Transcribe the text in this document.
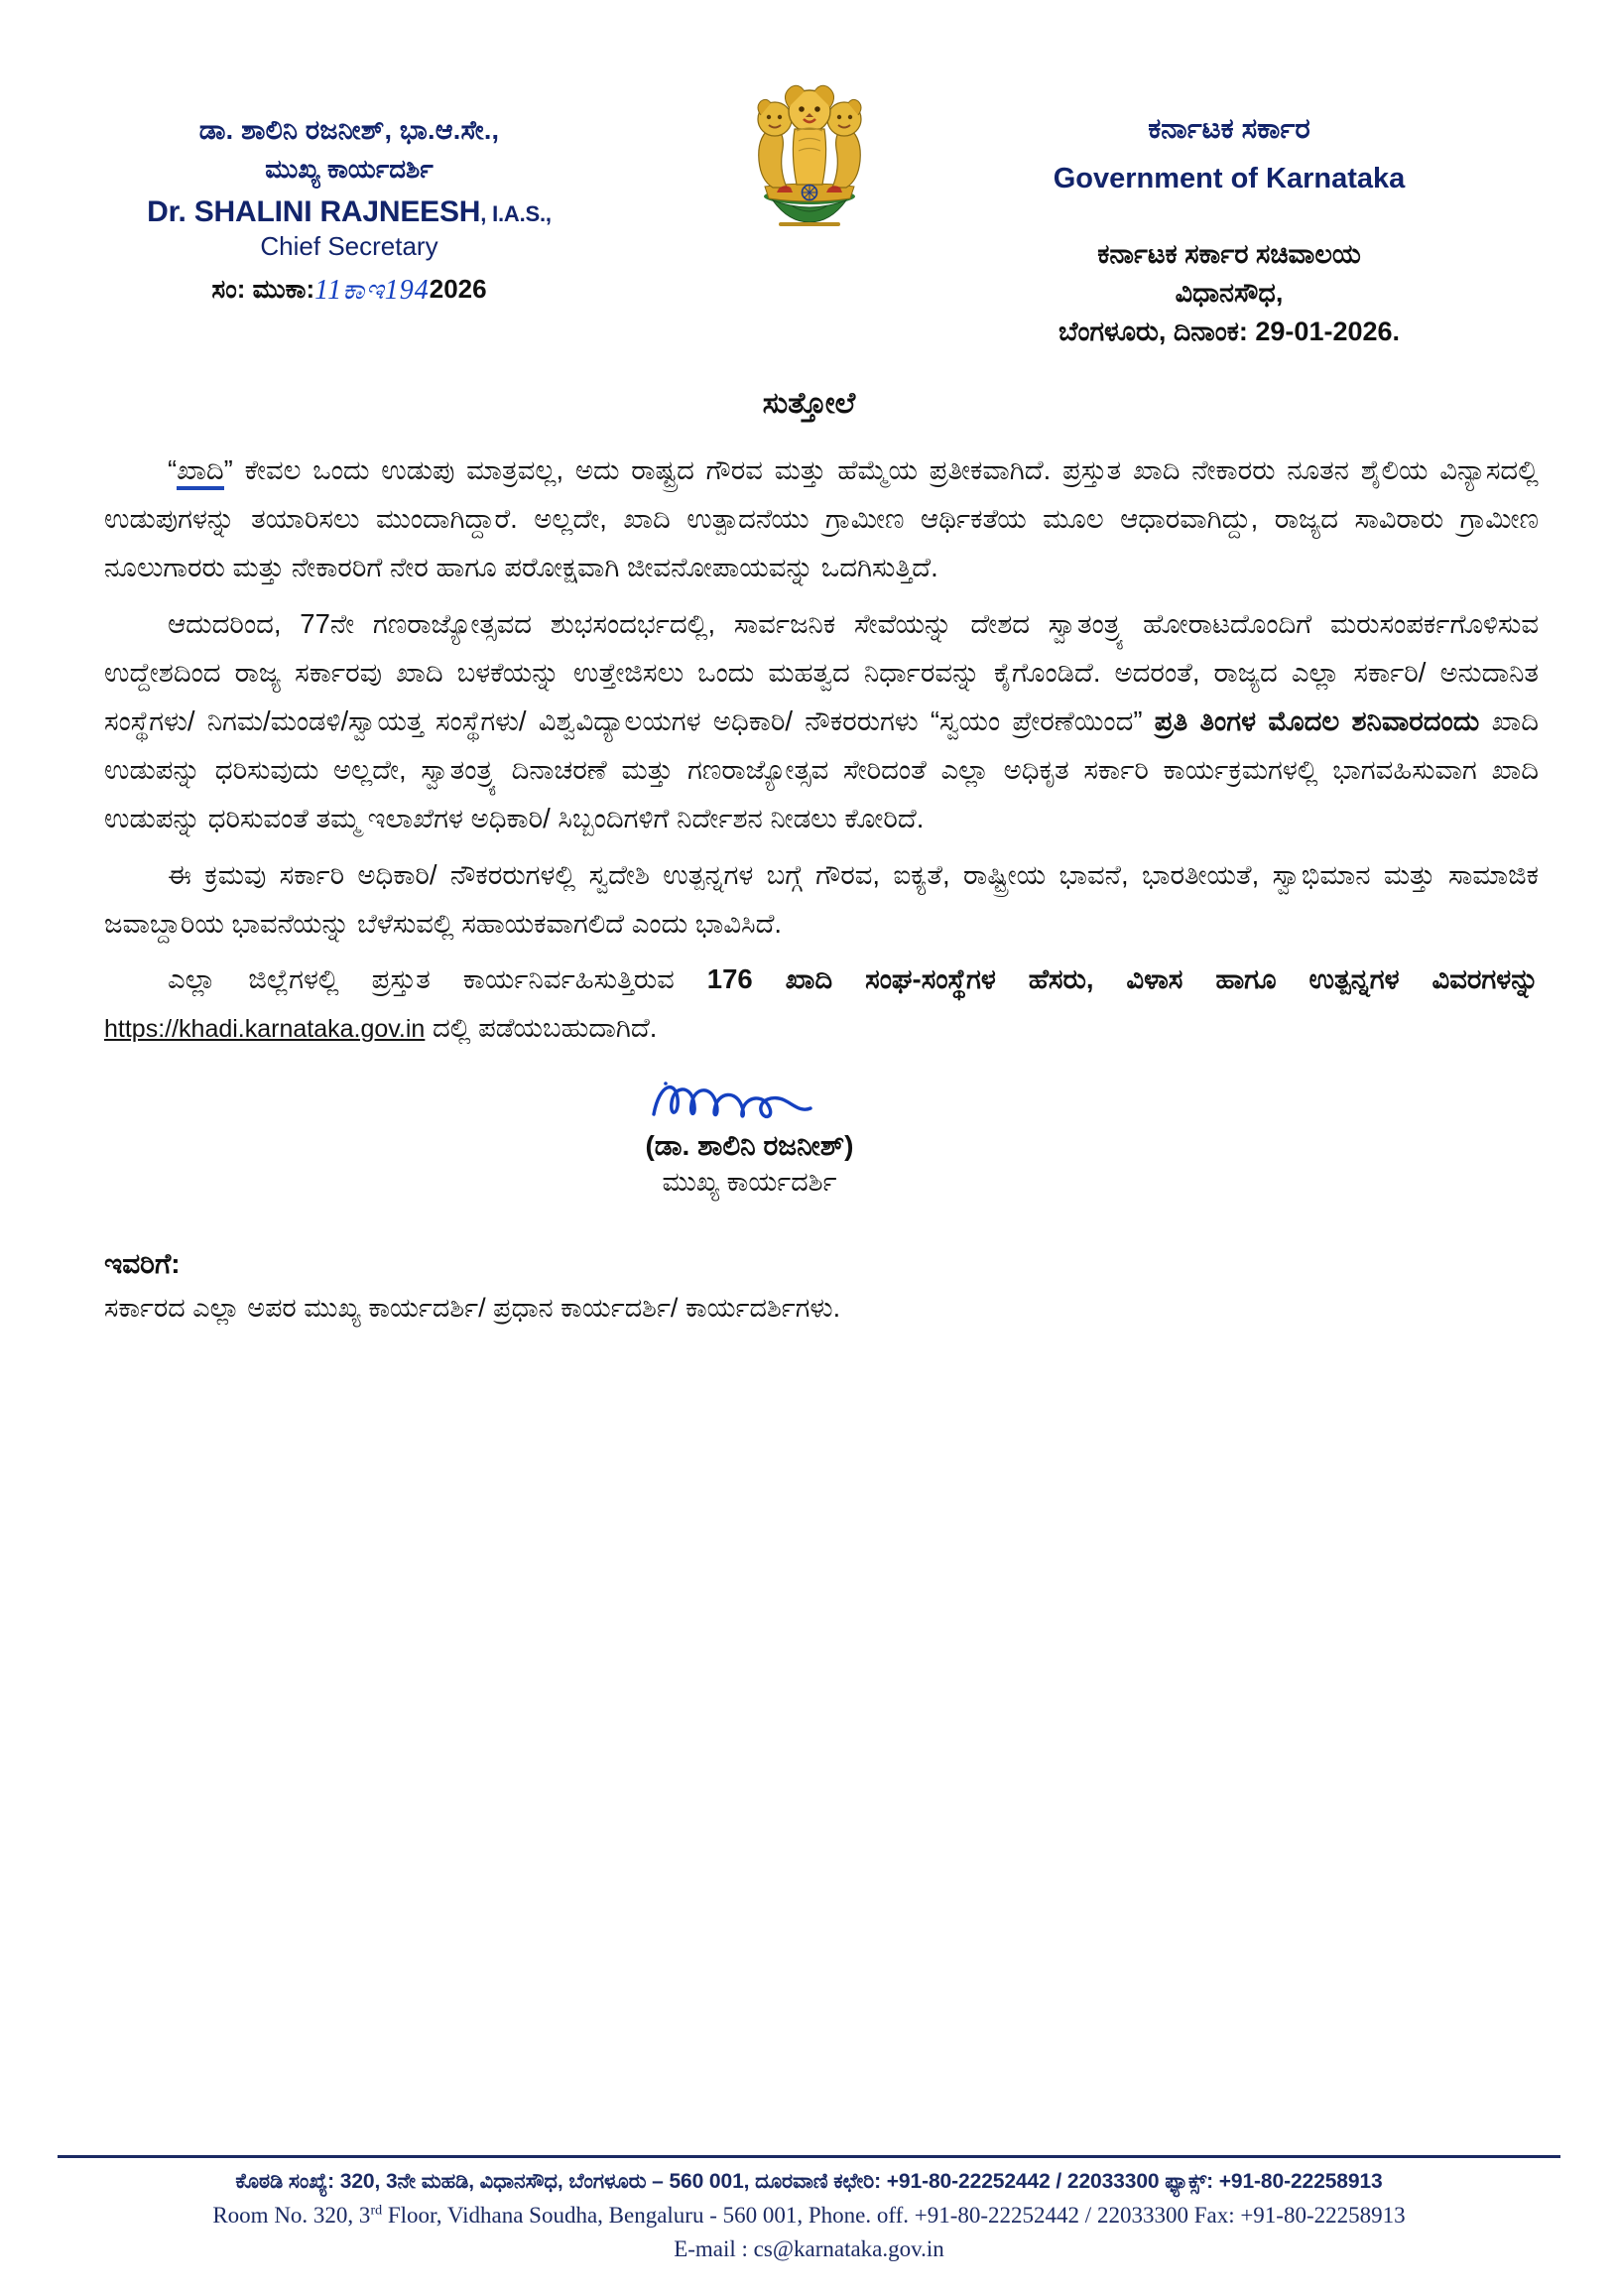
ಡಾ. ಶಾಲಿನಿ ರಜನೀಶ್, ಭಾ.ಆ.ಸೇ.,
ಮುಖ್ಯ ಕಾರ್ಯದರ್ಶಿ
Dr. SHALINI RAJNEESH, I.A.S.,
Chief Secretary
ಸಂ: ಮುಕಾ:11ಕಾಇ1942026
ಕರ್ನಾಟಕ ಸರ್ಕಾರ
Government of Karnataka
ಕರ್ನಾಟಕ ಸರ್ಕಾರ ಸಚಿವಾಲಯ
ವಿಧಾನಸೌಧ,
ಬೆಂಗಳೂರು, ದಿನಾಂಕ: 29-01-2026.
ಸುತ್ತೋಲೆ

“ಖಾದಿ” ಕೇವಲ ಒಂದು ಉಡುಪು ಮಾತ್ರವಲ್ಲ, ಅದು ರಾಷ್ಟ್ರದ ಗೌರವ ಮತ್ತು ಹೆಮ್ಮೆಯ ಪ್ರತೀಕವಾಗಿದೆ. ಪ್ರಸ್ತುತ ಖಾದಿ ನೇಕಾರರು ನೂತನ ಶೈಲಿಯ ವಿನ್ಯಾಸದಲ್ಲಿ ಉಡುಪುಗಳನ್ನು ತಯಾರಿಸಲು ಮುಂದಾಗಿದ್ದಾರೆ. ಅಲ್ಲದೇ, ಖಾದಿ ಉತ್ಪಾದನೆಯು ಗ್ರಾಮೀಣ ಆರ್ಥಿಕತೆಯ ಮೂಲ ಆಧಾರವಾಗಿದ್ದು, ರಾಜ್ಯದ ಸಾವಿರಾರು ಗ್ರಾಮೀಣ ನೂಲುಗಾರರು ಮತ್ತು ನೇಕಾರರಿಗೆ ನೇರ ಹಾಗೂ ಪರೋಕ್ಷವಾಗಿ ಜೀವನೋಪಾಯವನ್ನು ಒದಗಿಸುತ್ತಿದೆ.

ಆದುದರಿಂದ, 77ನೇ ಗಣರಾಜ್ಯೋತ್ಸವದ ಶುಭಸಂದರ್ಭದಲ್ಲಿ, ಸಾರ್ವಜನಿಕ ಸೇವೆಯನ್ನು ದೇಶದ ಸ್ವಾತಂತ್ರ್ಯ ಹೋರಾಟದೊಂದಿಗೆ ಮರುಸಂಪರ್ಕಗೊಳಿಸುವ ಉದ್ದೇಶದಿಂದ ರಾಜ್ಯ ಸರ್ಕಾರವು ಖಾದಿ ಬಳಕೆಯನ್ನು ಉತ್ತೇಜಿಸಲು ಒಂದು ಮಹತ್ವದ ನಿರ್ಧಾರವನ್ನು ಕೈಗೊಂಡಿದೆ. ಅದರಂತೆ, ರಾಜ್ಯದ ಎಲ್ಲಾ ಸರ್ಕಾರಿ/ ಅನುದಾನಿತ ಸಂಸ್ಥೆಗಳು/ ನಿಗಮ/ಮಂಡಳಿ/ಸ್ವಾಯತ್ತ ಸಂಸ್ಥೆಗಳು/ ವಿಶ್ವವಿದ್ಯಾಲಯಗಳ ಅಧಿಕಾರಿ/ ನೌಕರರುಗಳು “ಸ್ವಯಂ ಪ್ರೇರಣೆಯಿಂದ” ಪ್ರತಿ ತಿಂಗಳ ಮೊದಲ ಶನಿವಾರದಂದು ಖಾದಿ ಉಡುಪನ್ನು ಧರಿಸುವುದು ಅಲ್ಲದೇ, ಸ್ವಾತಂತ್ರ್ಯ ದಿನಾಚರಣೆ ಮತ್ತು ಗಣರಾಜ್ಯೋತ್ಸವ ಸೇರಿದಂತೆ ಎಲ್ಲಾ ಅಧಿಕೃತ ಸರ್ಕಾರಿ ಕಾರ್ಯಕ್ರಮಗಳಲ್ಲಿ ಭಾಗವಹಿಸುವಾಗ ಖಾದಿ ಉಡುಪನ್ನು ಧರಿಸುವಂತೆ ತಮ್ಮ ಇಲಾಖೆಗಳ ಅಧಿಕಾರಿ/ ಸಿಬ್ಬಂದಿಗಳಿಗೆ ನಿರ್ದೇಶನ ನೀಡಲು ಕೋರಿದೆ.

ಈ ಕ್ರಮವು ಸರ್ಕಾರಿ ಅಧಿಕಾರಿ/ ನೌಕರರುಗಳಲ್ಲಿ ಸ್ವದೇಶಿ ಉತ್ಪನ್ನಗಳ ಬಗ್ಗೆ ಗೌರವ, ಐಕ್ಯತೆ, ರಾಷ್ಟ್ರೀಯ ಭಾವನೆ, ಭಾರತೀಯತೆ, ಸ್ವಾಭಿಮಾನ ಮತ್ತು ಸಾಮಾಜಿಕ ಜವಾಬ್ದಾರಿಯ ಭಾವನೆಯನ್ನು ಬೆಳೆಸುವಲ್ಲಿ ಸಹಾಯಕವಾಗಲಿದೆ ಎಂದು ಭಾವಿಸಿದೆ.

ಎಲ್ಲಾ ಜಿಲ್ಲೆಗಳಲ್ಲಿ ಪ್ರಸ್ತುತ ಕಾರ್ಯನಿರ್ವಹಿಸುತ್ತಿರುವ 176 ಖಾದಿ ಸಂಘ-ಸಂಸ್ಥೆಗಳ ಹೆಸರು, ವಿಳಾಸ ಹಾಗೂ ಉತ್ಪನ್ನಗಳ ವಿವರಗಳನ್ನು https://khadi.karnataka.gov.in ದಲ್ಲಿ ಪಡೆಯಬಹುದಾಗಿದೆ.

(ಡಾ. ಶಾಲಿನಿ ರಜನೀಶ್)
ಮುಖ್ಯ ಕಾರ್ಯದರ್ಶಿ
ಇವರಿಗೆ:
ಸರ್ಕಾರದ ಎಲ್ಲಾ ಅಪರ ಮುಖ್ಯ ಕಾರ್ಯದರ್ಶಿ/ ಪ್ರಧಾನ ಕಾರ್ಯದರ್ಶಿ/ ಕಾರ್ಯದರ್ಶಿಗಳು.
ಕೊಠಡಿ ಸಂಖ್ಯೆ: 320, 3ನೇ ಮಹಡಿ, ವಿಧಾನಸೌಧ, ಬೆಂಗಳೂರು – 560 001, ದೂರವಾಣಿ ಕಛೇರಿ: +91-80-22252442 / 22033300 ಫ್ಯಾಕ್ಸ್: +91-80-22258913
Room No. 320, 3rd Floor, Vidhana Soudha, Bengaluru - 560 001, Phone. off. +91-80-22252442 / 22033300 Fax: +91-80-22258913
E-mail : cs@karnataka.gov.in
